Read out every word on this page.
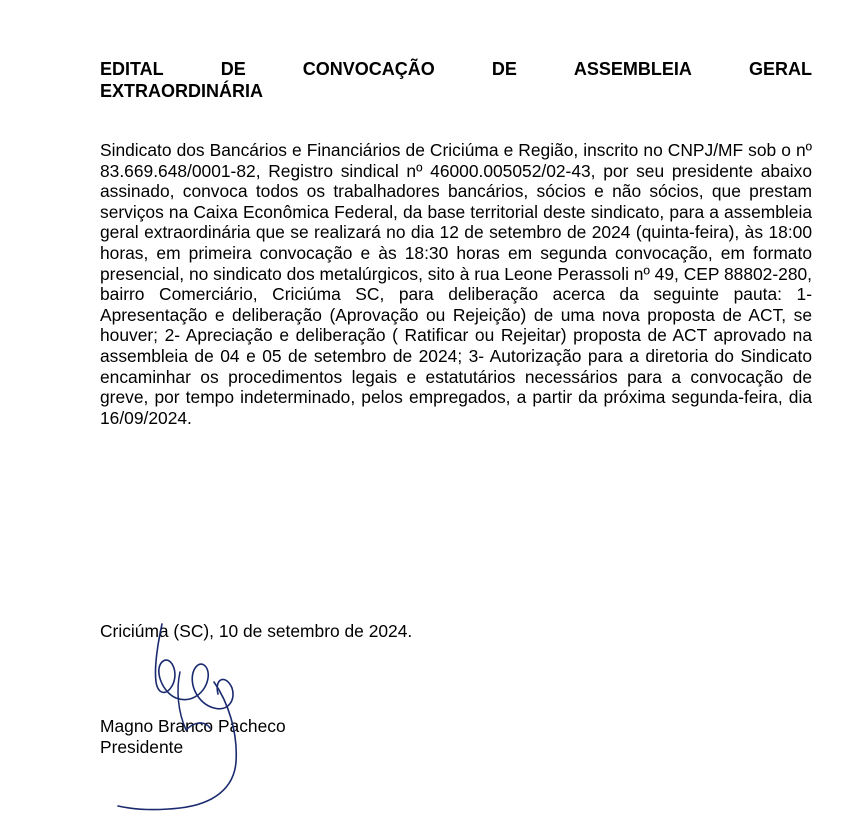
EDITAL	DE	CONVOCAÇÃO	DE	ASSEMBLEIA	GERAL
EXTRAORDINÁRIA

Sindicato dos Bancários e Financiários de Criciúma e Região, inscrito no CNPJ/MF sob o nº 83.669.648/0001-82, Registro sindical nº 46000.005052/02-43, por seu presidente abaixo assinado, convoca todos os trabalhadores bancários, sócios e não sócios, que prestam serviços na Caixa Econômica Federal, da base territorial deste sindicato, para a assembleia geral extraordinária que se realizará no dia 12 de setembro de 2024 (quinta-feira), às 18:00 horas, em primeira convocação e às 18:30 horas em segunda convocação, em formato presencial, no sindicato dos metalúrgicos, sito à rua Leone Perassoli nº 49, CEP 88802-280, bairro Comerciário, Criciúma SC, para deliberação acerca da seguinte pauta: 1- Apresentação e deliberação (Aprovação ou Rejeição) de uma nova proposta de ACT, se houver; 2- Apreciação e deliberação ( Ratificar ou Rejeitar) proposta de ACT aprovado na assembleia de 04 e 05 de setembro de 2024; 3- Autorização para a diretoria do Sindicato encaminhar os procedimentos legais e estatutários necessários para a convocação de greve, por tempo indeterminado, pelos empregados, a partir da próxima segunda-feira, dia 16/09/2024.

Criciúma (SC), 10 de setembro de 2024.
Magno Branco Pacheco
Presidente
